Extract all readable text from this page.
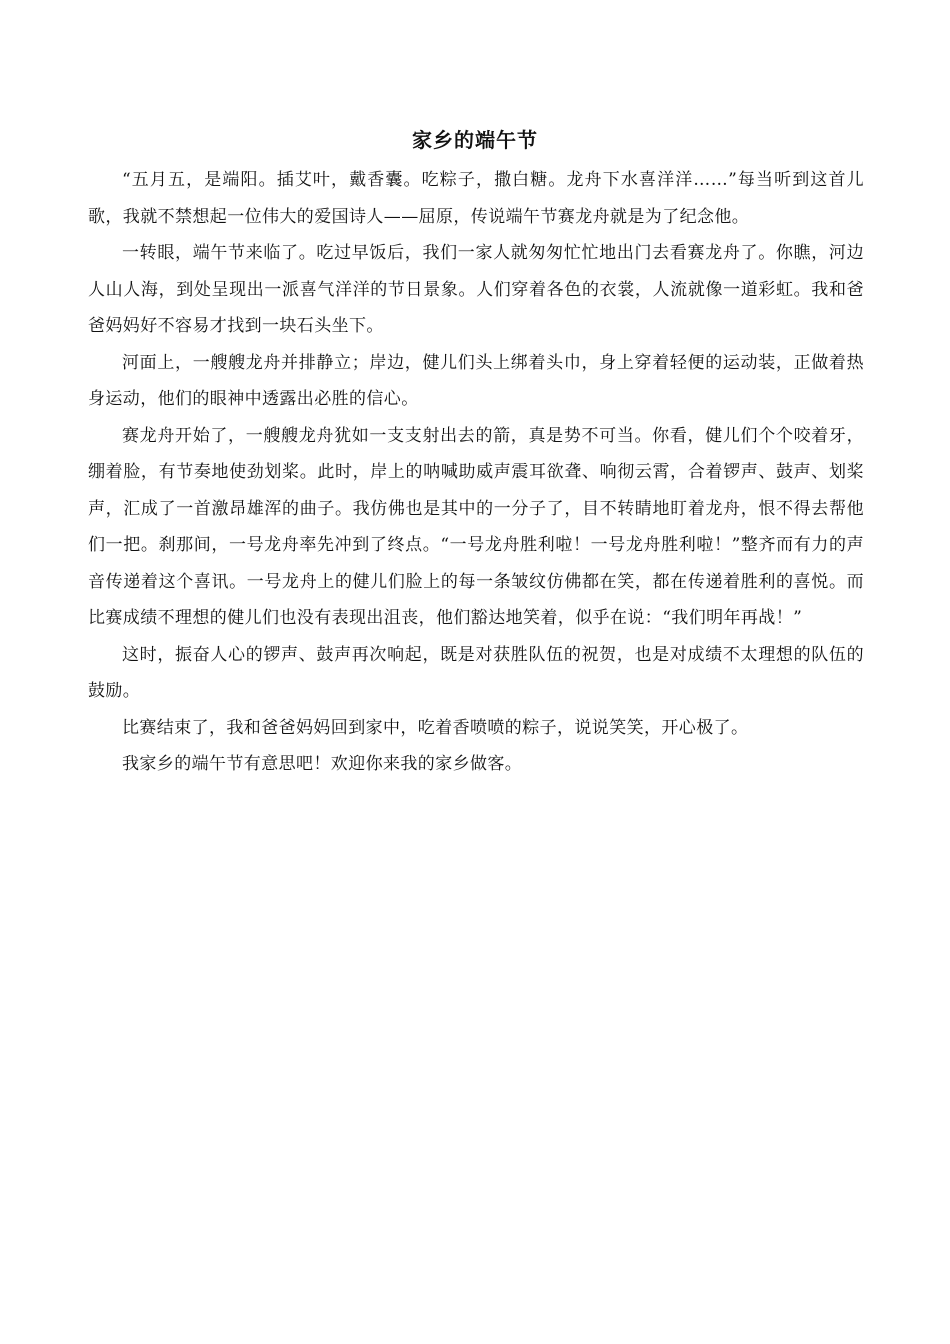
家乡的端午节

“五月五，是端阳。插艾叶，戴香囊。吃粽子，撒白糖。龙舟下水喜洋洋……”每当听到这首儿歌，我就不禁想起一位伟大的爱国诗人——屈原，传说端午节赛龙舟就是为了纪念他。

一转眼，端午节来临了。吃过早饭后，我们一家人就匆匆忙忙地出门去看赛龙舟了。你瞧，河边人山人海，到处呈现出一派喜气洋洋的节日景象。人们穿着各色的衣裳，人流就像一道彩虹。我和爸爸妈妈好不容易才找到一块石头坐下。

河面上，一艘艘龙舟并排静立；岸边，健儿们头上绑着头巾，身上穿着轻便的运动装，正做着热身运动，他们的眼神中透露出必胜的信心。

赛龙舟开始了，一艘艘龙舟犹如一支支射出去的箭，真是势不可当。你看，健儿们个个咬着牙，绷着脸，有节奏地使劲划桨。此时，岸上的呐喊助威声震耳欲聋、响彻云霄，合着锣声、鼓声、划桨声，汇成了一首激昂雄浑的曲子。我仿佛也是其中的一分子了，目不转睛地盯着龙舟，恨不得去帮他们一把。刹那间，一号龙舟率先冲到了终点。“一号龙舟胜利啦！一号龙舟胜利啦！”整齐而有力的声音传递着这个喜讯。一号龙舟上的健儿们脸上的每一条皱纹仿佛都在笑，都在传递着胜利的喜悦。而比赛成绩不理想的健儿们也没有表现出沮丧，他们豁达地笑着，似乎在说：“我们明年再战！”

这时，振奋人心的锣声、鼓声再次响起，既是对获胜队伍的祝贺，也是对成绩不太理想的队伍的鼓励。

比赛结束了，我和爸爸妈妈回到家中，吃着香喷喷的粽子，说说笑笑，开心极了。

我家乡的端午节有意思吧！欢迎你来我的家乡做客。
